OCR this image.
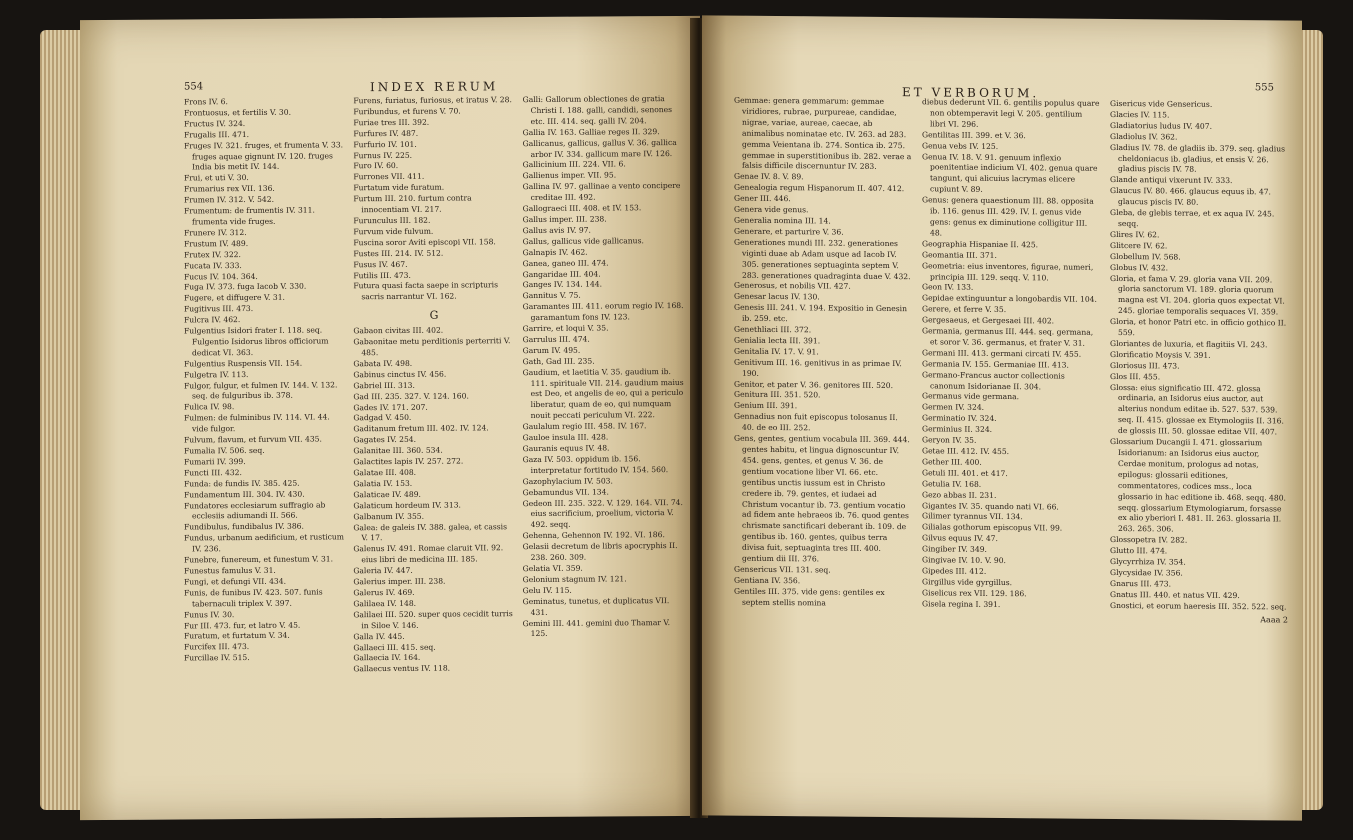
554	INDEX RERUM

Frons IV. 6.

Frontuosus, et fertilis V. 30.

Fructus IV. 324.

Frugalis III. 471.

Fruges IV. 321. fruges, et frumenta V. 33. fruges aquae gignunt IV. 120. fruges India bis metit IV. 144.

Frui, et uti V. 30.

Frumarius rex VII. 136.

Frumen IV. 312. V. 542.

Frumentum: de frumentis IV. 311. frumenta vide fruges.

Frunere IV. 312.

Frustum IV. 489.

Frutex IV. 322.

Fucata IV. 333.

Fucus IV. 104. 364.

Fuga IV. 373. fuga Iacob V. 330.

Fugere, et diffugere V. 31.

Fugitivus III. 473.

Fulcra IV. 462.

Fulgentius Isidori frater I. 118. seq. Fulgentio Isidorus libros officiorum dedicat VI. 363.

Fulgentius Ruspensis VII. 154.

Fulgetra IV. 113.

Fulgor, fulgur, et fulmen IV. 144. V. 132. seq. de fulguribus ib. 378.

Fulica IV. 98.

Fulmen: de fulminibus IV. 114. VI. 44. vide fulgor.

Fulvum, flavum, et furvum VII. 435.

Fumalia IV. 506. seq.

Fumarii IV. 399.

Functi III. 432.

Funda: de fundis IV. 385. 425.

Fundamentum III. 304. IV. 430.

Fundatores ecclesiarum suffragio ab ecclesiis adiumandi II. 566.

Fundibulus, fundibalus IV. 386.

Fundus, urbanum aedificium, et rusticum IV. 236.

Funebre, funereum, et funestum V. 31.

Funestus famulus V. 31.

Fungi, et defungi VII. 434.

Funis, de funibus IV. 423. 507. funis tabernaculi triplex V. 397.

Funus IV. 30.

Fur III. 473. fur, et latro V. 45.

Furatum, et furtatum V. 34.

Furcifex III. 473.

Furcillae IV. 515.

Furens, furiatus, furiosus, et iratus V. 28.

Furibundus, et furens V. 70.

Furiae tres III. 392.

Furfures IV. 487.

Furfurio IV. 101.

Furnus IV. 225.

Furo IV. 60.

Furrones VII. 411.

Furtatum vide furatum.

Furtum III. 210. furtum contra innocentiam VI. 217.

Furunculus III. 182.

Furvum vide fulvum.

Fuscina soror Aviti episcopi VII. 158.

Fustes III. 214. IV. 512.

Fusus IV. 467.

Futilis III. 473.

Futura quasi facta saepe in scripturis sacris narrantur VI. 162.

G

Gabaon civitas III. 402.

Gabaonitae metu perditionis perterriti V. 485.

Gabata IV. 498.

Gabinus cinctus IV. 456.

Gabriel III. 313.

Gad III. 235. 327. V. 124. 160.

Gades IV. 171. 207.

Gadgad V. 450.

Gaditanum fretum III. 402. IV. 124.

Gagates IV. 254.

Galanitae III. 360. 534.

Galactites lapis IV. 257. 272.

Galatae III. 408.

Galatia IV. 153.

Galaticae IV. 489.

Galaticum hordeum IV. 313.

Galbanum IV. 355.

Galea: de galeis IV. 388. galea, et cassis V. 17.

Galenus IV. 491. Romae claruit VII. 92. eius libri de medicina III. 185.

Galeria IV. 447.

Galerius imper. III. 238.

Galerus IV. 469.

Galilaea IV. 148.

Galilaei III. 520. super quos cecidit turris in Siloe V. 146.

Galla IV. 445.

Gallaeci III. 415. seq.

Gallaecia IV. 164.

Gallaecus ventus IV. 118.

Galli: Gallorum oblectiones de gratia Christi I. 188. galli, candidi, senones etc. III. 414. seq. galli IV. 204.

Gallia IV. 163. Galliae reges II. 329.

Gallicanus, gallicus, gallus V. 36. gallica arbor IV. 334. gallicum mare IV. 126.

Gallicinium III. 224. VII. 6.

Gallienus imper. VII. 95.

Gallina IV. 97. gallinae a vento concipere creditae III. 492.

Gallograeci III. 408. et IV. 153.

Gallus imper. III. 238.

Gallus avis IV. 97.

Gallus, gallicus vide gallicanus.

Galnapis IV. 462.

Ganea, ganeo III. 474.

Gangaridae III. 404.

Ganges IV. 134. 144.

Gannitus V. 75.

Garamantes III. 411. eorum regio IV. 168. garamantum fons IV. 123.

Garrire, et loqui V. 35.

Garrulus III. 474.

Garum IV. 495.

Gath, Gad III. 235.

Gaudium, et laetitia V. 35. gaudium ib. 111. spirituale VII. 214. gaudium maius est Deo, et angelis de eo, qui a periculo liberatur, quam de eo, qui numquam nouit peccati periculum VI. 222.

Gaulalum regio III. 458. IV. 167.

Gauloe insula III. 428.

Gauranis equus IV. 48.

Gaza IV. 503. oppidum ib. 156. interpretatur fortitudo IV. 154. 560.

Gazophylacium IV. 503.

Gebamundus VII. 134.

Gedeon III. 235. 322. V. 129. 164. VII. 74. eius sacrificium, proelium, victoria V. 492. seqq.

Gehenna, Gehennon IV. 192. VI. 186.

Gelasii decretum de libris apocryphis II. 238. 260. 309.

Gelatia VI. 359.

Gelonium stagnum IV. 121.

Gelu IV. 115.

Geminatus, tunetus, et duplicatus VII. 431.

Gemini III. 441. gemini duo Thamar V. 125.

555
ET VERBORUM.

Gemmae: genera gemmarum: gemmae viridiores, rubrae, purpureae, candidae, nigrae, variae, aureae, caecae, ab animalibus nominatae etc. IV. 263. ad 283. gemma Veientana ib. 274. Sontica ib. 275. gemmae in superstitionibus ib. 282. verae a falsis difficile discernuntur IV. 283.

Genae IV. 8. V. 89.

Genealogia regum Hispanorum II. 407. 412.

Gener III. 446.

Genera vide genus.

Generalia nomina III. 14.

Generare, et parturire V. 36.

Generationes mundi III. 232. generationes viginti duae ab Adam usque ad Iacob IV. 305. generationes septuaginta septem V. 283. generationes quadraginta duae V. 432.

Generosus, et nobilis VII. 427.

Genesar lacus IV. 130.

Genesis III. 241. V. 194. Expositio in Genesin ib. 259. etc.

Genethliaci III. 372.

Genialia lecta III. 391.

Genitalia IV. 17. V. 91.

Genitivum III. 16. genitivus in as primae IV. 190.

Genitor, et pater V. 36. genitores III. 520.

Genitura III. 351. 520.

Genium III. 391.

Gennadius non fuit episcopus tolosanus II. 40. de eo III. 252.

Gens, gentes, gentium vocabula III. 369. 444. gentes habitu, et lingua dignoscuntur IV. 454. gens, gentes, et genus V. 36. de gentium vocatione liber VI. 66. etc. gentibus unctis iussum est in Christo credere ib. 79. gentes, et iudaei ad Christum vocantur ib. 73. gentium vocatio ad fidem ante hebraeos ib. 76. quod gentes chrismate sanctificari deberant ib. 109. de gentibus ib. 160. gentes, quibus terra divisa fuit, septuaginta tres III. 400. gentium dii III. 376.

Gensericus VII. 131. seq.

Gentiana IV. 356.

Gentiles III. 375. vide gens: gentiles ex septem stellis nomina

diebus dederunt VII. 6. gentilis populus quare non obtemperavit legi V. 205. gentilium libri VI. 296.

Gentilitas III. 399. et V. 36.

Genua vebs IV. 125.

Genua IV. 18. V. 91. genuum inflexio poenitentiae indicium VI. 402. genua quare tangunt, qui alicuius lacrymas elicere cupiunt V. 89.

Genus: genera quaestionum III. 88. opposita ib. 116. genus III. 429. IV. I. genus vide gens: genus ex diminutione colligitur III. 48.

Geographia Hispaniae II. 425.

Geomantia III. 371.

Geometria: eius inventores, figurae, numeri, principia III. 129. seqq. V. 110.

Geon IV. 133.

Gepidae extinguuntur a longobardis VII. 104.

Gerere, et ferre V. 35.

Gergesaeus, et Gergesaei III. 402.

Germania, germanus III. 444. seq. germana, et soror V. 36. germanus, et frater V. 31.

Germani III. 413. germani circati IV. 455.

Germania IV. 155. Germaniae III. 413.

Germano-Francus auctor collectionis canonum Isidorianae II. 304.

Germanus vide germana.

Germen IV. 324.

Germinatio IV. 324.

Germinius II. 324.

Geryon IV. 35.

Getae III. 412. IV. 455.

Gether III. 400.

Getuli III. 401. et 417.

Getulia IV. 168.

Gezo abbas II. 231.

Gigantes IV. 35. quando nati VI. 66.

Gilimer tyrannus VII. 134.

Gilialas gothorum episcopus VII. 99.

Gilvus equus IV. 47.

Gingiber IV. 349.

Gingivae IV. 10. V. 90.

Gipedes III. 412.

Girgillus vide gyrgillus.

Giselicus rex VII. 129. 186.

Gisela regina I. 391.

Gisericus vide Gensericus.

Glacies IV. 115.

Gladiatorius ludus IV. 407.

Gladiolus IV. 362.

Gladius IV. 78. de gladiis ib. 379. seq. gladius cheldoniacus ib. gladius, et ensis V. 26. gladius piscis IV. 78.

Glande antiqui vixerunt IV. 333.

Glaucus IV. 80. 466. glaucus equus ib. 47. glaucus piscis IV. 80.

Gleba, de glebis terrae, et ex aqua IV. 245. seqq.

Glires IV. 62.

Glitcere IV. 62.

Globellum IV. 568.

Globus IV. 432.

Gloria, et fama V. 29. gloria vana VII. 209. gloria sanctorum VI. 189. gloria quorum magna est VI. 204. gloria quos expectat VI. 245. gloriae temporalis sequaces VI. 359.

Gloria, et honor Patri etc. in officio gothico II. 559.

Gloriantes de luxuria, et flagitiis VI. 243.

Glorificatio Moysis V. 391.

Gloriosus III. 473.

Glos III. 455.

Glossa: eius significatio III. 472. glossa ordinaria, an Isidorus eius auctor, aut alterius nondum editae ib. 527. 537. 539. seq. II. 415. glossae ex Etymologiis II. 316. de glossis III. 50. glossae editae VII. 407.

Glossarium Ducangii I. 471. glossarium Isidorianum: an Isidorus eius auctor, Cerdae monitum, prologus ad notas, epilogus: glossarii editiones, commentatores, codices mss., loca glossario in hac editione ib. 468. seqq. 480. seqq. glossarium Etymologiarum, forsasse ex alio yberiori I. 481. II. 263. glossaria II. 263. 265. 306.

Glossopetra IV. 282.

Glutto III. 474.

Glycyrrhiza IV. 354.

Glycysidae IV. 356.

Gnarus III. 473.

Gnatus III. 440. et natus VII. 429.

Gnostici, et eorum haeresis III. 352. 522. seq.

Aaaa 2
